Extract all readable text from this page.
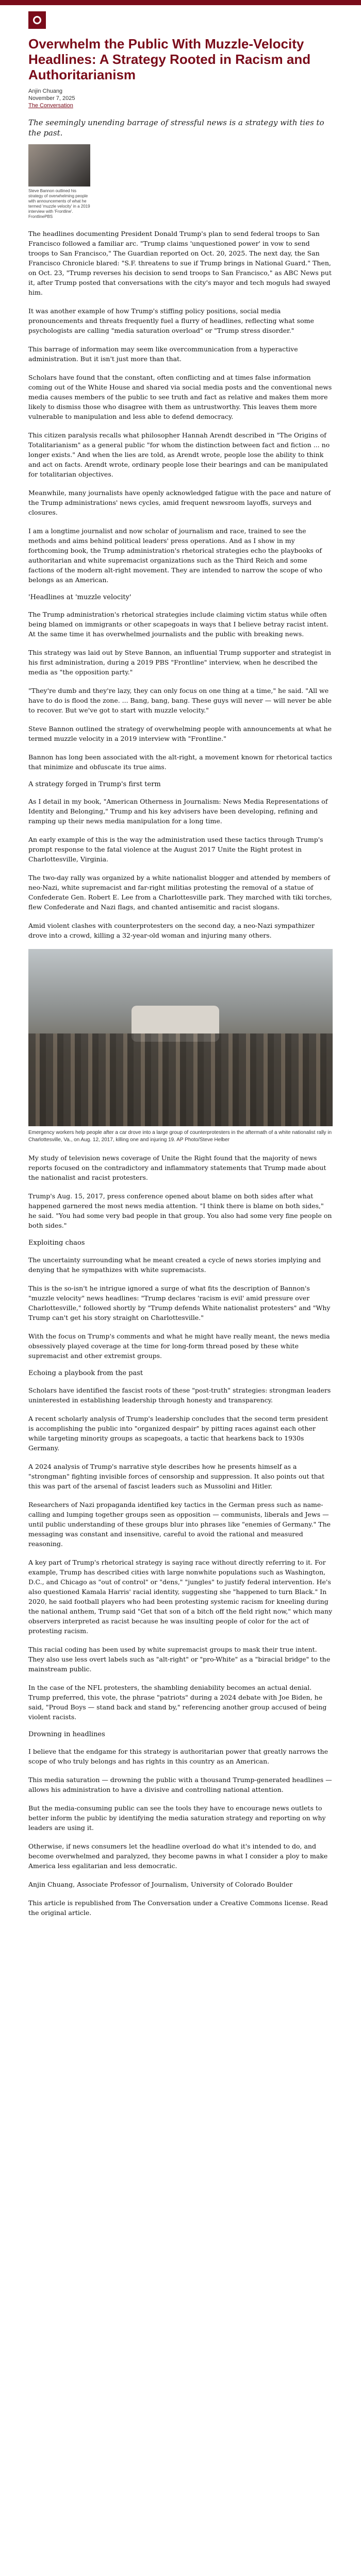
Overwhelm the Public With Muzzle-Velocity Headlines: A Strategy Rooted in Racism and Authoritarianism
Anjin Chuang
November 7, 2025
The Conversation
The seemingly unending barrage of stressful news is a strategy with ties to the past.
Steve Bannon outlined his strategy of overwhelming people with announcements of what he termed 'muzzle velocity' in a 2019 interview with 'Frontline'. FrontlinePBS

The headlines documenting President Donald Trump's plan to send federal troops to San Francisco followed a familiar arc. "Trump claims 'unquestioned power' in vow to send troops to San Francisco," The Guardian reported on Oct. 20, 2025. The next day, the San Francisco Chronicle blared: "S.F. threatens to sue if Trump brings in National Guard." Then, on Oct. 23, "Trump reverses his decision to send troops to San Francisco," as ABC News put it, after Trump posted that conversations with the city's mayor and tech moguls had swayed him.

It was another example of how Trump's stiffing policy positions, social media pronouncements and threats frequently fuel a flurry of headlines, reflecting what some psychologists are calling "media saturation overload" or "Trump stress disorder."

This barrage of information may seem like overcommunication from a hyperactive administration. But it isn't just more than that.

Scholars have found that the constant, often conflicting and at times false information coming out of the White House and shared via social media posts and the conventional news media causes members of the public to see truth and fact as relative and makes them more likely to dismiss those who disagree with them as untrustworthy. This leaves them more vulnerable to manipulation and less able to defend democracy.

This citizen paralysis recalls what philosopher Hannah Arendt described in "The Origins of Totalitarianism" as a general public "for whom the distinction between fact and fiction ... no longer exists." And when the lies are told, as Arendt wrote, people lose the ability to think and act on facts. Arendt wrote, ordinary people lose their bearings and can be manipulated for totalitarian objectives.

Meanwhile, many journalists have openly acknowledged fatigue with the pace and nature of the Trump administrations' news cycles, amid frequent newsroom layoffs, surveys and closures.

I am a longtime journalist and now scholar of journalism and race, trained to see the methods and aims behind political leaders' press operations. And as I show in my forthcoming book, the Trump administration's rhetorical strategies echo the playbooks of authoritarian and white supremacist organizations such as the Third Reich and some factions of the modern alt-right movement. They are intended to narrow the scope of who belongs as an American.

'Headlines at 'muzzle velocity'

The Trump administration's rhetorical strategies include claiming victim status while often being blamed on immigrants or other scapegoats in ways that I believe betray racist intent. At the same time it has overwhelmed journalists and the public with breaking news.

This strategy was laid out by Steve Bannon, an influential Trump supporter and strategist in his first administration, during a 2019 PBS "Frontline" interview, when he described the media as "the opposition party."

"They're dumb and they're lazy, they can only focus on one thing at a time," he said. "All we have to do is flood the zone. ... Bang, bang, bang. These guys will never — will never be able to recover. But we've got to start with muzzle velocity."

Steve Bannon outlined the strategy of overwhelming people with announcements at what he termed muzzle velocity in a 2019 interview with "Frontline."

Bannon has long been associated with the alt-right, a movement known for rhetorical tactics that minimize and obfuscate its true aims.

A strategy forged in Trump's first term

As I detail in my book, "American Otherness in Journalism: News Media Representations of Identity and Belonging," Trump and his key advisers have been developing, refining and ramping up their news media manipulation for a long time.

An early example of this is the way the administration used these tactics through Trump's prompt response to the fatal violence at the August 2017 Unite the Right protest in Charlottesville, Virginia.

The two-day rally was organized by a white nationalist blogger and attended by members of neo-Nazi, white supremacist and far-right militias protesting the removal of a statue of Confederate Gen. Robert E. Lee from a Charlottesville park. They marched with tiki torches, flew Confederate and Nazi flags, and chanted antisemitic and racist slogans.

Amid violent clashes with counterprotesters on the second day, a neo-Nazi sympathizer drove into a crowd, killing a 32-year-old woman and injuring many others.

Emergency workers help people after a car drove into a large group of counterprotesters in the aftermath of a white nationalist rally in Charlottesville, Va., on Aug. 12, 2017, killing one and injuring 19. AP Photo/Steve Helber

My study of television news coverage of Unite the Right found that the majority of news reports focused on the contradictory and inflammatory statements that Trump made about the nationalist and racist protesters.

Trump's Aug. 15, 2017, press conference opened about blame on both sides after what happened garnered the most news media attention. "I think there is blame on both sides," he said. "You had some very bad people in that group. You also had some very fine people on both sides."

Exploiting chaos

The uncertainty surrounding what he meant created a cycle of news stories implying and denying that he sympathizes with white supremacists.

This is the so-isn't he intrigue ignored a surge of what fits the description of Bannon's "muzzle velocity" news headlines: "Trump declares 'racism is evil' amid pressure over Charlottesville," followed shortly by "Trump defends White nationalist protesters" and "Why Trump can't get his story straight on Charlottesville."

With the focus on Trump's comments and what he might have really meant, the news media obsessively played coverage at the time for long-form thread posed by these white supremacist and other extremist groups.

Echoing a playbook from the past

Scholars have identified the fascist roots of these "post-truth" strategies: strongman leaders uninterested in establishing leadership through honesty and transparency.

A recent scholarly analysis of Trump's leadership concludes that the second term president is accomplishing the public into "organized despair" by pitting races against each other while targeting minority groups as scapegoats, a tactic that hearkens back to 1930s Germany.

A 2024 analysis of Trump's narrative style describes how he presents himself as a "strongman" fighting invisible forces of censorship and suppression. It also points out that this was part of the arsenal of fascist leaders such as Mussolini and Hitler.

Researchers of Nazi propaganda identified key tactics in the German press such as name-calling and lumping together groups seen as opposition — communists, liberals and Jews — until public understanding of these groups blur into phrases like "enemies of Germany." The messaging was constant and insensitive, careful to avoid the rational and measured reasoning.

A key part of Trump's rhetorical strategy is saying race without directly referring to it. For example, Trump has described cities with large nonwhite populations such as Washington, D.C., and Chicago as "out of control" or "dens," "jungles" to justify federal intervention. He's also questioned Kamala Harris' racial identity, suggesting she "happened to turn Black." In 2020, he said football players who had been protesting systemic racism for kneeling during the national anthem, Trump said "Get that son of a bitch off the field right now," which many observers interpreted as racist because he was insulting people of color for the act of protesting racism.

This racial coding has been used by white supremacist groups to mask their true intent. They also use less overt labels such as "alt-right" or "pro-White" as a "biracial bridge" to the mainstream public.

In the case of the NFL protesters, the shambling deniability becomes an actual denial. Trump preferred, this vote, the phrase "patriots" during a 2024 debate with Joe Biden, he said, "Proud Boys — stand back and stand by," referencing another group accused of being violent racists.

Drowning in headlines

I believe that the endgame for this strategy is authoritarian power that greatly narrows the scope of who truly belongs and has rights in this country as an American.

This media saturation — drowning the public with a thousand Trump-generated headlines — allows his administration to have a divisive and controlling national attention.

But the media-consuming public can see the tools they have to encourage news outlets to better inform the public by identifying the media saturation strategy and reporting on why leaders are using it.

Otherwise, if news consumers let the headline overload do what it's intended to do, and become overwhelmed and paralyzed, they become pawns in what I consider a ploy to make America less egalitarian and less democratic.

Anjin Chuang, Associate Professor of Journalism, University of Colorado Boulder

This article is republished from The Conversation under a Creative Commons license. Read the original article.
